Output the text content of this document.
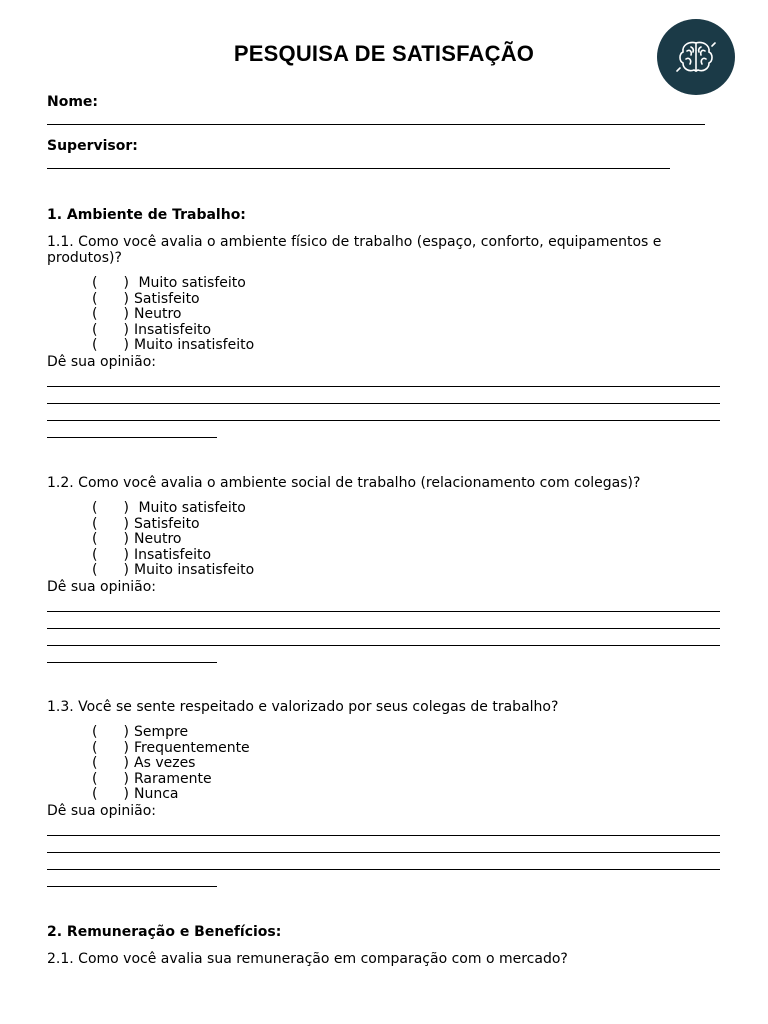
PESQUISA DE SATISFAÇÃO
Nome:
Supervisor:
1. Ambiente de Trabalho:

1.1. Como você avalia o ambiente físico de trabalho (espaço, conforto, equipamentos e produtos)?

( ) Muito satisfeito
( ) Satisfeito
( ) Neutro
( ) Insatisfeito
( ) Muito insatisfeito

Dê sua opinião:

1.2. Como você avalia o ambiente social de trabalho (relacionamento com colegas)?

( ) Muito satisfeito
( ) Satisfeito
( ) Neutro
( ) Insatisfeito
( ) Muito insatisfeito

Dê sua opinião:

1.3. Você se sente respeitado e valorizado por seus colegas de trabalho?

( ) Sempre
( ) Frequentemente
( ) As vezes
( ) Raramente
( ) Nunca

Dê sua opinião:

2. Remuneração e Benefícios:

2.1. Como você avalia sua remuneração em comparação com o mercado?
